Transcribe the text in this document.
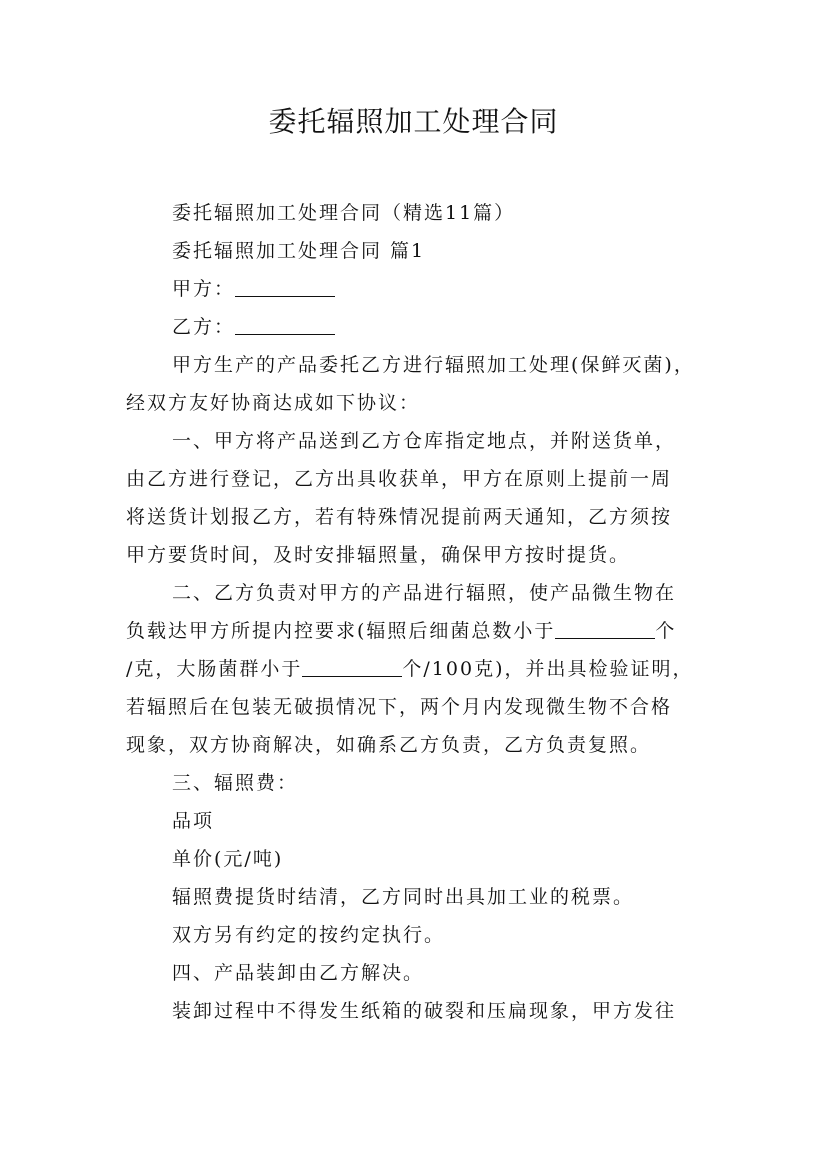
委托辐照加工处理合同
委托辐照加工处理合同（精选11篇）
委托辐照加工处理合同 篇1
甲方：
乙方：
甲方生产的产品委托乙方进行辐照加工处理(保鲜灭菌)，
经双方友好协商达成如下协议：
一、甲方将产品送到乙方仓库指定地点，并附送货单，
由乙方进行登记，乙方出具收获单，甲方在原则上提前一周
将送货计划报乙方，若有特殊情况提前两天通知，乙方须按
甲方要货时间，及时安排辐照量，确保甲方按时提货。
二、乙方负责对甲方的产品进行辐照，使产品微生物在
负载达甲方所提内控要求(辐照后细菌总数小于	个
/克，大肠菌群小于	个/100克)，并出具检验证明，
若辐照后在包装无破损情况下，两个月内发现微生物不合格
现象，双方协商解决，如确系乙方负责，乙方负责复照。
三、辐照费：
品项
单价(元/吨)
辐照费提货时结清，乙方同时出具加工业的税票。
双方另有约定的按约定执行。
四、产品装卸由乙方解决。
装卸过程中不得发生纸箱的破裂和压扁现象，甲方发往
